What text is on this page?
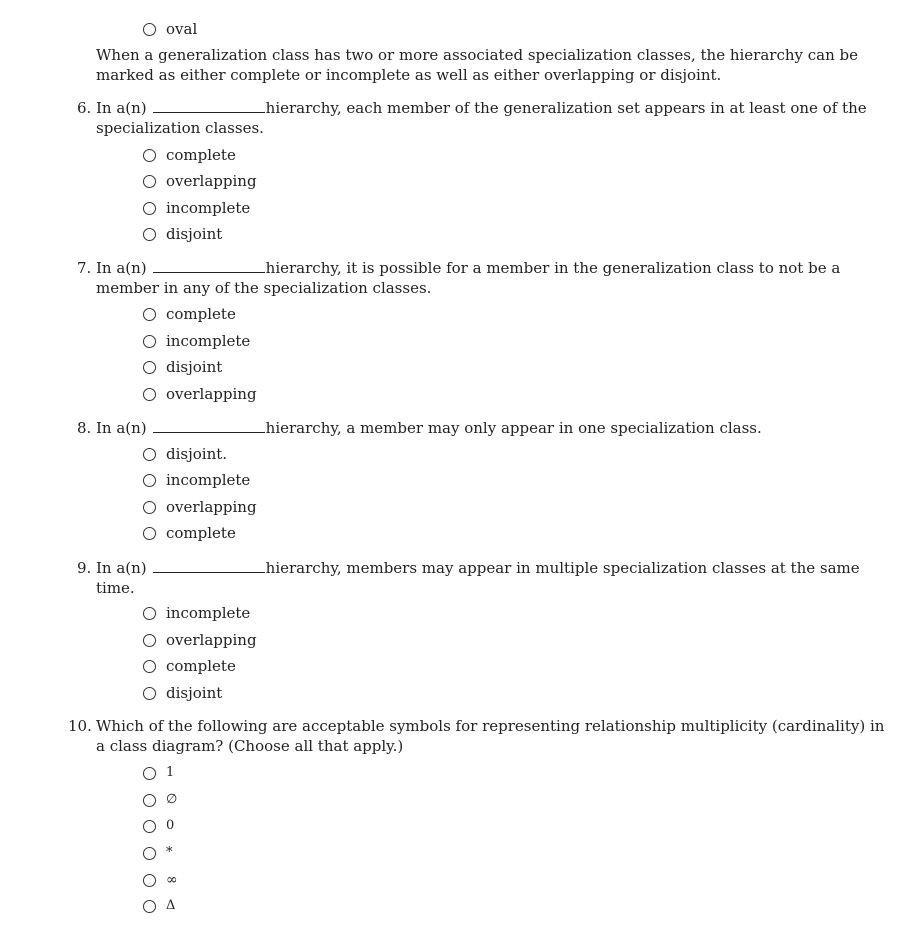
oval
When a generalization class has two or more associated specialization classes, the hierarchy can be
marked as either complete or incomplete as well as either overlapping or disjoint.
6. In a(n)	hierarchy, each member of the generalization set appears in at least one of the
specialization classes.
complete
overlapping
incomplete
disjoint
7. In a(n)	hierarchy, it is possible for a member in the generalization class to not be a
member in any of the specialization classes.
complete
incomplete
disjoint
overlapping
8. In a(n)	hierarchy, a member may only appear in one specialization class.
disjoint.
incomplete
overlapping
complete
9. In a(n)	hierarchy, members may appear in multiple specialization classes at the same
time.
incomplete
overlapping
complete
disjoint
10. Which of the following are acceptable symbols for representing relationship multiplicity (cardinality) in
a class diagram? (Choose all that apply.)
1
∅
0
*
∞
Δ
